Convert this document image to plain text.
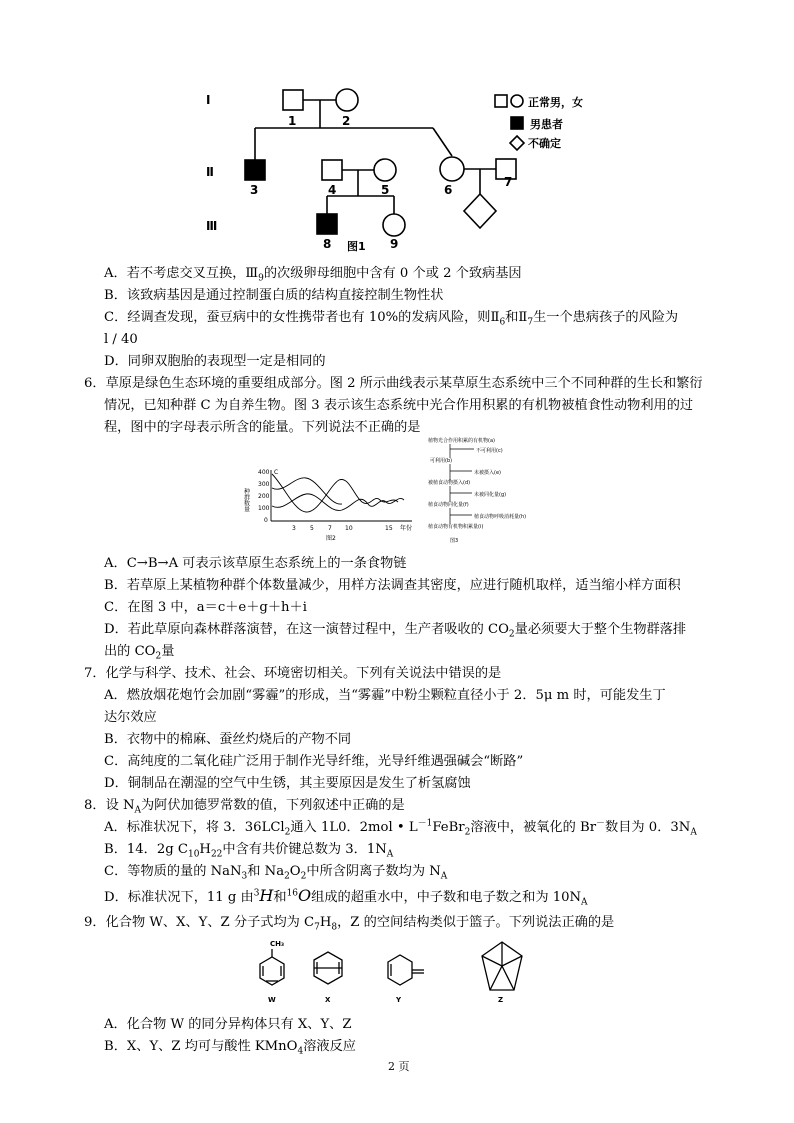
Ⅰ
Ⅱ
Ⅲ
1	2
3	4	5	6
7
8	9
图1
正常男，女
男患者
不确定
A．若不考虑交叉互换，$Ⅲ_9$的次级卵母细胞中含有 0 个或 2 个致病基因
B．该致病基因是通过控制蛋白质的结构直接控制生物性状
C．经调查发现，蚕豆病中的女性携带者也有 10%的发病风险，则$Ⅱ_6$和$Ⅱ_7$生一个患病孩子的风险为
l / 40
D．同卵双胞胎的表现型一定是相同的
6．草原是绿色生态环境的重要组成部分。图 2 所示曲线表示某草原生态系统中三个不同种群的生长和繁衍
情况，已知种群 C 为自养生物。图 3 表示该生态系统中光合作用积累的有机物被植食性动物利用的过
程，图中的字母表示所含的能量。下列说法不正确的是
种群数量
400
300
200
100
0
3 5 7 10	15 年份
C
图2
植物光合作用积累的有机物(a)
不可利用(c)
可利用(b)
未被摄入(e)
被植食动物摄入(d)
未被同化量(g)
植食动物同化量(f)
植食动物呼吸消耗量(h)
植食动物有机物积累量(i)
图3
A．C→B→A 可表示该草原生态系统上的一条食物链
B．若草原上某植物种群个体数量减少，用样方法调查其密度，应进行随机取样，适当缩小样方面积
C．在图 3 中，a＝c＋e＋g＋h＋i
D．若此草原向森林群落演替，在这一演替过程中，生产者吸收的 $CO_2$量必须要大于整个生物群落排
出的 $CO_2$量
7．化学与科学、技术、社会、环境密切相关。下列有关说法中错误的是
A．燃放烟花炮竹会加剧“雾霾”的形成，当“雾霾”中粉尘颗粒直径小于 2．5μ m 时，可能发生丁
达尔效应
B．衣物中的棉麻、蚕丝灼烧后的产物不同
C．高纯度的二氧化硅广泛用于制作光导纤维，光导纤维遇强碱会“断路”
D．铜制品在潮湿的空气中生锈，其主要原因是发生了析氢腐蚀
8．设 $N_A$为阿伏加德罗常数的值，下列叙述中正确的是
A．标准状况下，将 3．36LCl$_2$通入 1L0．2mol • $L^{-1}FeBr_2$溶液中，被氧化的 Br－数目为 0．$3N_A$
B．14．2g $C_{10}H_{22}$中含有共价键总数为 3．$1N_A$
C．等物质的量的 NaN$_3$和 $Na_2O_2$中所含阴离子数均为 $N_A$
D．标准状况下，11 g 由$^3$H和$^{16}$O组成的超重水中，中子数和电子数之和为 $10N_A$
9．化合物 W、X、Y、Z 分子式均为 $C_7H_8$，Z 的空间结构类似于篮子。下列说法正确的是
CH₃
W	X	Y	Z
A．化合物 W 的同分异构体只有 X、Y、Z
B．X、Y、Z 均可与酸性 KMnO$_4$溶液反应
2 页
